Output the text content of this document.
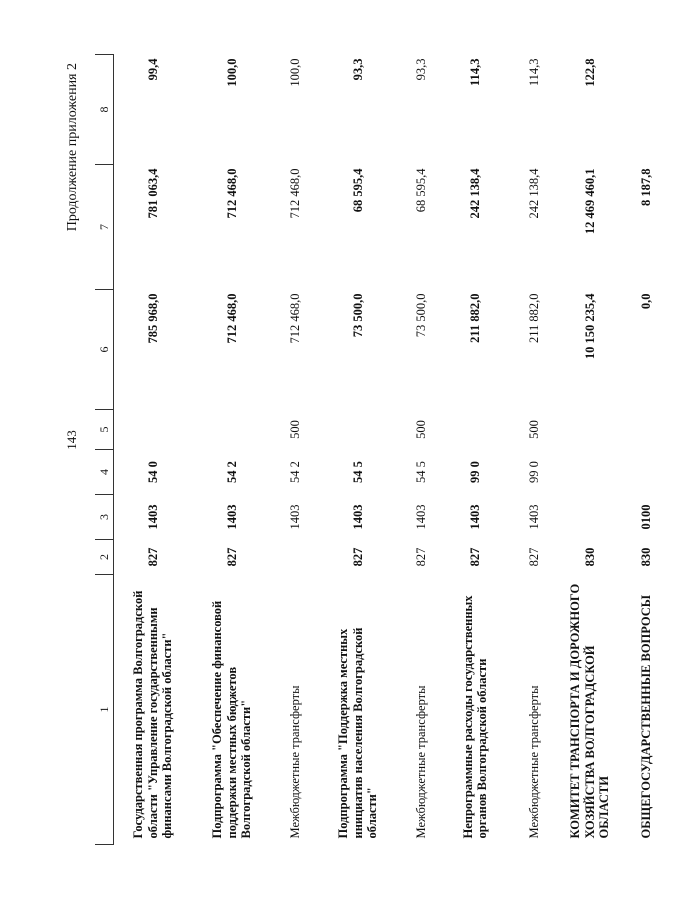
143
Продолжение приложения 2
1	2	3	4	5	6	7	8
Государственная программа Волгоградской области "Управление государственными финансами Волгоградской области"	827	1403	54 0		785 968,0	781 063,4	99,4
Подпрограмма "Обеспечение финансовой поддержки местных бюджетов Волгоградской области"	827	1403	54 2		712 468,0	712 468,0	100,0
Межбюджетные трансферты		1403	54 2	500	712 468,0	712 468,0	100,0
Подпрограмма "Поддержка местных инициатив населения Волгоградской области"	827	1403	54 5		73 500,0	68 595,4	93,3
Межбюджетные трансферты	827	1403	54 5	500	73 500,0	68 595,4	93,3
Непрограммные расходы государственных органов Волгоградской области	827	1403	99 0		211 882,0	242 138,4	114,3
Межбюджетные трансферты	827	1403	99 0	500	211 882,0	242 138,4	114,3
КОМИТЕТ ТРАНСПОРТА И ДОРОЖНОГО ХОЗЯЙСТВА ВОЛГОГРАДСКОЙ ОБЛАСТИ	830				10 150 235,4	12 469 460,1	122,8
ОБЩЕГОСУДАРСТВЕННЫЕ ВОПРОСЫ	830	0100			0,0	8 187,8	
